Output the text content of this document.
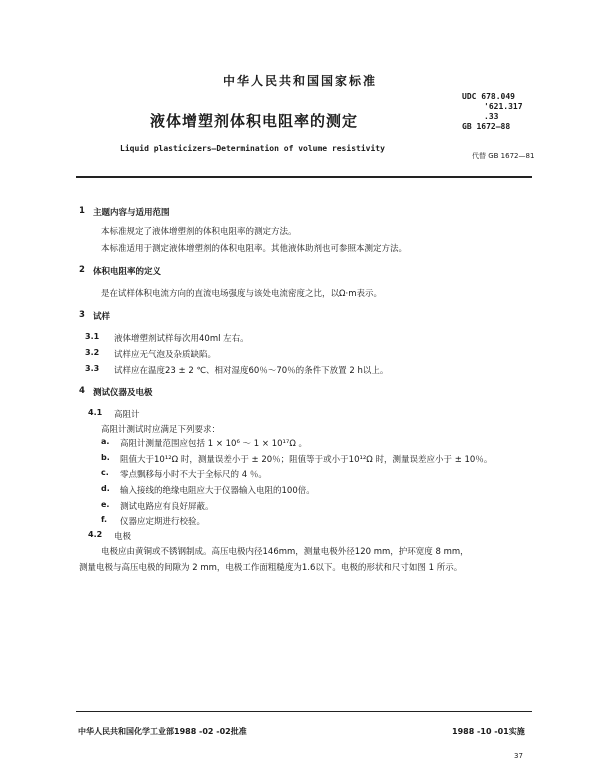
中华人民共和国国家标准
液体增塑剂体积电阻率的测定
Liquid plasticizers—Determination of volume resistivity
UDC 678.049
'621.317
.33
GB 1672—88
代替 GB 1672—81
1 主题内容与适用范围
本标准规定了液体增塑剂的体积电阻率的测定方法。
本标准适用于测定液体增塑剂的体积电阻率。其他液体助剂也可参照本测定方法。
2 体积电阻率的定义
是在试样体积电流方向的直流电场强度与该处电流密度之比，以Ω·m表示。
3 试样
3.1 液体增塑剂试样每次用40ml 左右。
3.2 试样应无气泡及杂质缺陷。
3.3 试样应在温度23 ± 2 ℃、相对湿度60％～70％的条件下放置 2 h以上。
4 测试仪器及电极
4.1 高阻计
高阻计测试时应满足下列要求：
a. 高阻计测量范围应包括 1 × 10⁶ ～ 1 × 10¹⁷Ω 。
b. 阻值大于10¹²Ω 时，测量误差小于 ± 20％；阻值等于或小于10¹²Ω 时，测量误差应小于 ± 10％。
c. 零点飘移每小时不大于全标尺的 4 ％。
d. 输入接线的绝缘电阻应大于仪器输入电阻的100倍。
e. 测试电路应有良好屏蔽。
f. 仪器应定期进行校验。
4.2 电极
电极应由黄铜或不锈钢制成。高压电极内径146mm，测量电极外径120 mm，护环宽度 8 mm，
测量电极与高压电极的间隙为 2 mm，电极工作面粗糙度为1.6以下。电极的形状和尺寸如图 1 所示。
中华人民共和国化学工业部1988 -02 -02批准	1988 -10 -01实施
37
